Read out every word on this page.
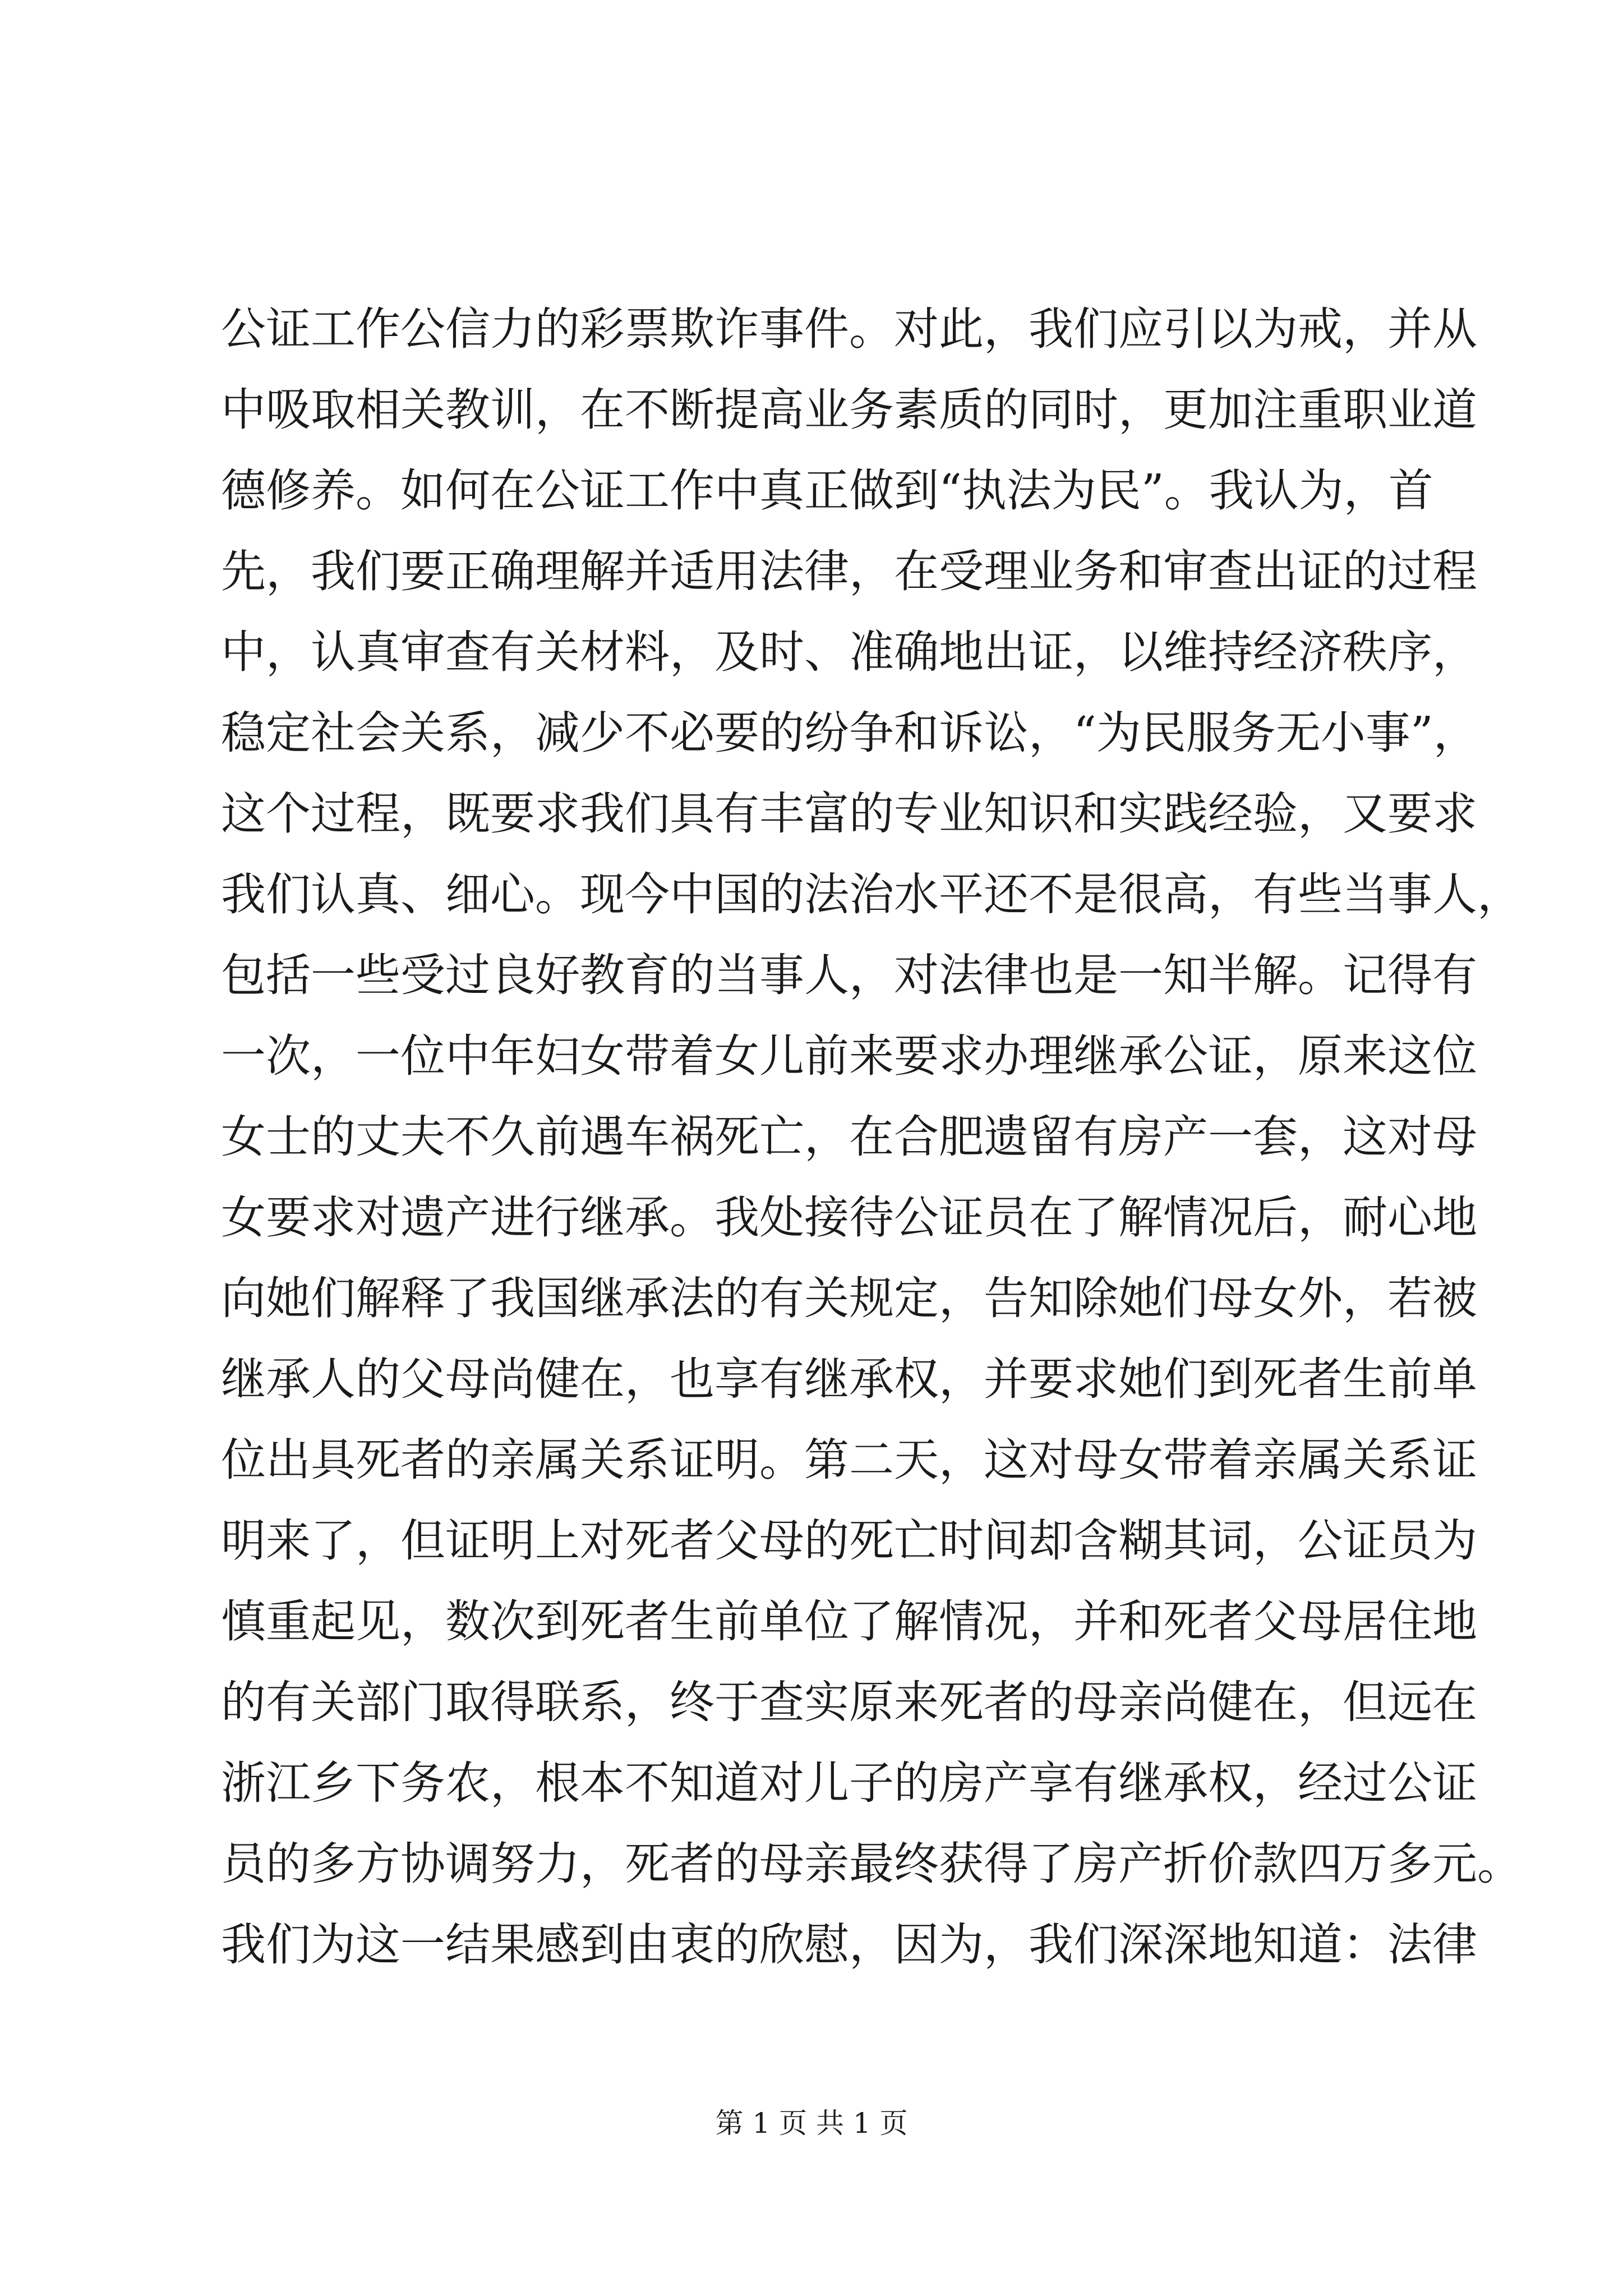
公证工作公信力的彩票欺诈事件。对此，我们应引以为戒，并从
中吸取相关教训，在不断提高业务素质的同时，更加注重职业道
德修养。如何在公证工作中真正做到“执法为民”。我认为，首
先，我们要正确理解并适用法律，在受理业务和审查出证的过程
中，认真审查有关材料，及时、准确地出证，以维持经济秩序，
稳定社会关系，减少不必要的纷争和诉讼，“为民服务无小事”，
这个过程，既要求我们具有丰富的专业知识和实践经验，又要求
我们认真、细心。现今中国的法治水平还不是很高，有些当事人，
包括一些受过良好教育的当事人，对法律也是一知半解。记得有
一次，一位中年妇女带着女儿前来要求办理继承公证，原来这位
女士的丈夫不久前遇车祸死亡，在合肥遗留有房产一套，这对母
女要求对遗产进行继承。我处接待公证员在了解情况后，耐心地
向她们解释了我国继承法的有关规定，告知除她们母女外，若被
继承人的父母尚健在，也享有继承权，并要求她们到死者生前单
位出具死者的亲属关系证明。第二天，这对母女带着亲属关系证
明来了，但证明上对死者父母的死亡时间却含糊其词，公证员为
慎重起见，数次到死者生前单位了解情况，并和死者父母居住地
的有关部门取得联系，终于查实原来死者的母亲尚健在，但远在
浙江乡下务农，根本不知道对儿子的房产享有继承权，经过公证
员的多方协调努力，死者的母亲最终获得了房产折价款四万多元。
我们为这一结果感到由衷的欣慰，因为，我们深深地知道：法律
第 1 页 共 1 页
